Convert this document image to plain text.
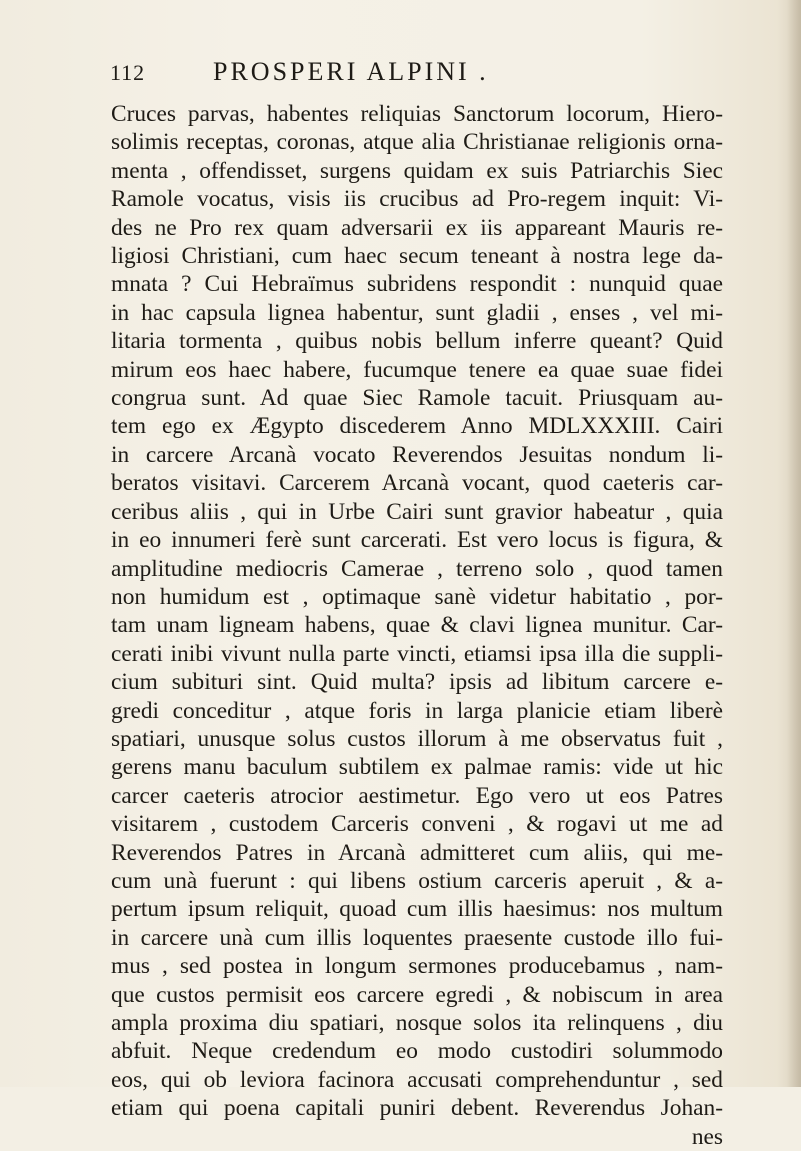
112	PROSPERI ALPINI .
Cruces parvas, habentes reliquias Sanctorum locorum, Hiero-
solimis receptas, coronas, atque alia Christianae religionis orna-
menta , offendisset, surgens quidam ex suis Patriarchis Siec
Ramole vocatus, visis iis crucibus ad Pro-regem inquit: Vi-
des ne Pro rex quam adversarii ex iis appareant Mauris re-
ligiosi Christiani, cum haec secum teneant à nostra lege da-
mnata ? Cui Hebraïmus subridens respondit : nunquid quae
in hac capsula lignea habentur, sunt gladii , enses , vel mi-
litaria tormenta , quibus nobis bellum inferre queant? Quid
mirum eos haec habere, fucumque tenere ea quae suae fidei
congrua sunt. Ad quae Siec Ramole tacuit. Priusquam au-
tem ego ex Ægypto discederem Anno MDLXXXIII. Cairi
in carcere Arcanà vocato Reverendos Jesuitas nondum li-
beratos visitavi. Carcerem Arcanà vocant, quod caeteris car-
ceribus aliis , qui in Urbe Cairi sunt gravior habeatur , quia
in eo innumeri ferè sunt carcerati. Est vero locus is figura, &
amplitudine mediocris Camerae , terreno solo , quod tamen
non humidum est , optimaque sanè videtur habitatio , por-
tam unam ligneam habens, quae & clavi lignea munitur. Car-
cerati inibi vivunt nulla parte vincti, etiamsi ipsa illa die suppli-
cium subituri sint. Quid multa? ipsis ad libitum carcere e-
gredi conceditur , atque foris in larga planicie etiam liberè
spatiari, unusque solus custos illorum à me observatus fuit ,
gerens manu baculum subtilem ex palmae ramis: vide ut hic
carcer caeteris atrocior aestimetur. Ego vero ut eos Patres
visitarem , custodem Carceris conveni , & rogavi ut me ad
Reverendos Patres in Arcanà admitteret cum aliis, qui me-
cum unà fuerunt : qui libens ostium carceris aperuit , & a-
pertum ipsum reliquit, quoad cum illis haesimus: nos multum
in carcere unà cum illis loquentes praesente custode illo fui-
mus , sed postea in longum sermones producebamus , nam-
que custos permisit eos carcere egredi , & nobiscum in area
ampla proxima diu spatiari, nosque solos ita relinquens , diu
abfuit. Neque credendum eo modo custodiri solummodo
eos, qui ob leviora facinora accusati comprehenduntur , sed
etiam qui poena capitali puniri debent. Reverendus Johan-
nes
